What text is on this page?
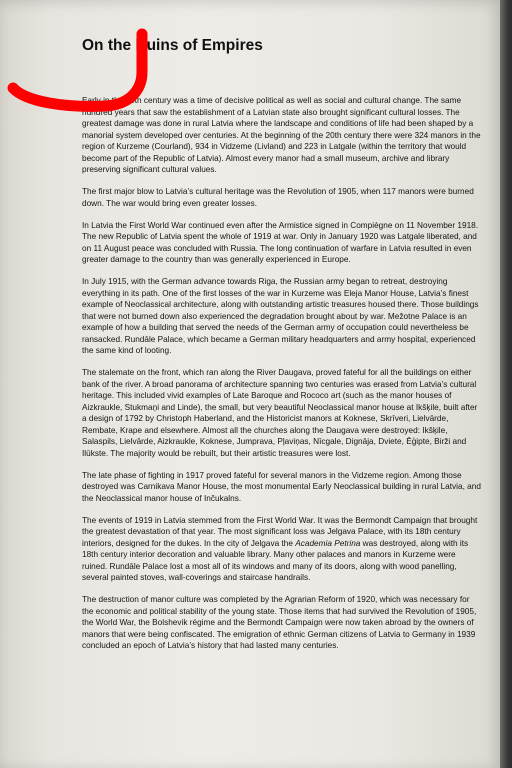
On the Ruins of Empires

Early in the 20th century was a time of decisive political as well as social and cultural change. The same hundred years that saw the establishment of a Latvian state also brought significant cultural losses. The greatest damage was done in rural Latvia where the landscape and conditions of life had been shaped by a manorial system developed over centuries. At the beginning of the 20th century there were 324 manors in the region of Kurzeme (Courland), 934 in Vidzeme (Livland) and 223 in Latgale (within the territory that would become part of the Republic of Latvia). Almost every manor had a small museum, archive and library preserving significant cultural values.

The first major blow to Latvia’s cultural heritage was the Revolution of 1905, when 117 manors were burned down. The war would bring even greater losses.

In Latvia the First World War continued even after the Armistice signed in Compiègne on 11 November 1918. The new Republic of Latvia spent the whole of 1919 at war. Only in January 1920 was Latgale liberated, and on 11 August peace was concluded with Russia. The long continuation of warfare in Latvia resulted in even greater damage to the country than was generally experienced in Europe.

In July 1915, with the German advance towards Riga, the Russian army began to retreat, destroying everything in its path. One of the first losses of the war in Kurzeme was Eleja Manor House, Latvia’s finest example of Neoclassical architecture, along with outstanding artistic treasures housed there. Those buildings that were not burned down also experienced the degradation brought about by war. Mežotne Palace is an example of how a building that served the needs of the German army of occupation could nevertheless be ransacked. Rundāle Palace, which became a German military headquarters and army hospital, experienced the same kind of looting.

The stalemate on the front, which ran along the River Daugava, proved fateful for all the buildings on either bank of the river. A broad panorama of architecture spanning two centuries was erased from Latvia’s cultural heritage. This included vivid examples of Late Baroque and Rococo art (such as the manor houses of Aizkraukle, Stukmaņi and Linde), the small, but very beautiful Neoclassical manor house at Ikšķile, built after a design of 1792 by Christoph Haberland, and the Historicist manors at Koknese, Skrīveri, Lielvārde, Rembate, Krape and elsewhere. Almost all the churches along the Daugava were destroyed: Ikšķile, Salaspils, Lielvārde, Aizkraukle, Koknese, Jumprava, Pļaviņas, Nīcgale, Dignāja, Dviete, Ēģipte, Birži and Ilūkste. The majority would be rebuilt, but their artistic treasures were lost.

The late phase of fighting in 1917 proved fateful for several manors in the Vidzeme region. Among those destroyed was Carnikava Manor House, the most monumental Early Neoclassical building in rural Latvia, and the Neoclassical manor house of Inčukalns.

The events of 1919 in Latvia stemmed from the First World War. It was the Bermondt Campaign that brought the greatest devastation of that year. The most significant loss was Jelgava Palace, with its 18th century interiors, designed for the dukes. In the city of Jelgava the Academia Petrina was destroyed, along with its 18th century interior decoration and valuable library. Many other palaces and manors in Kurzeme were ruined. Rundāle Palace lost a most all of its windows and many of its doors, along with wood panelling, several painted stoves, wall-coverings and staircase handrails.

The destruction of manor culture was completed by the Agrarian Reform of 1920, which was necessary for the economic and political stability of the young state. Those items that had survived the Revolution of 1905, the World War, the Bolshevik régime and the Bermondt Campaign were now taken abroad by the owners of manors that were being confiscated. The emigration of ethnic German citizens of Latvia to Germany in 1939 concluded an epoch of Latvia’s history that had lasted many centuries.
